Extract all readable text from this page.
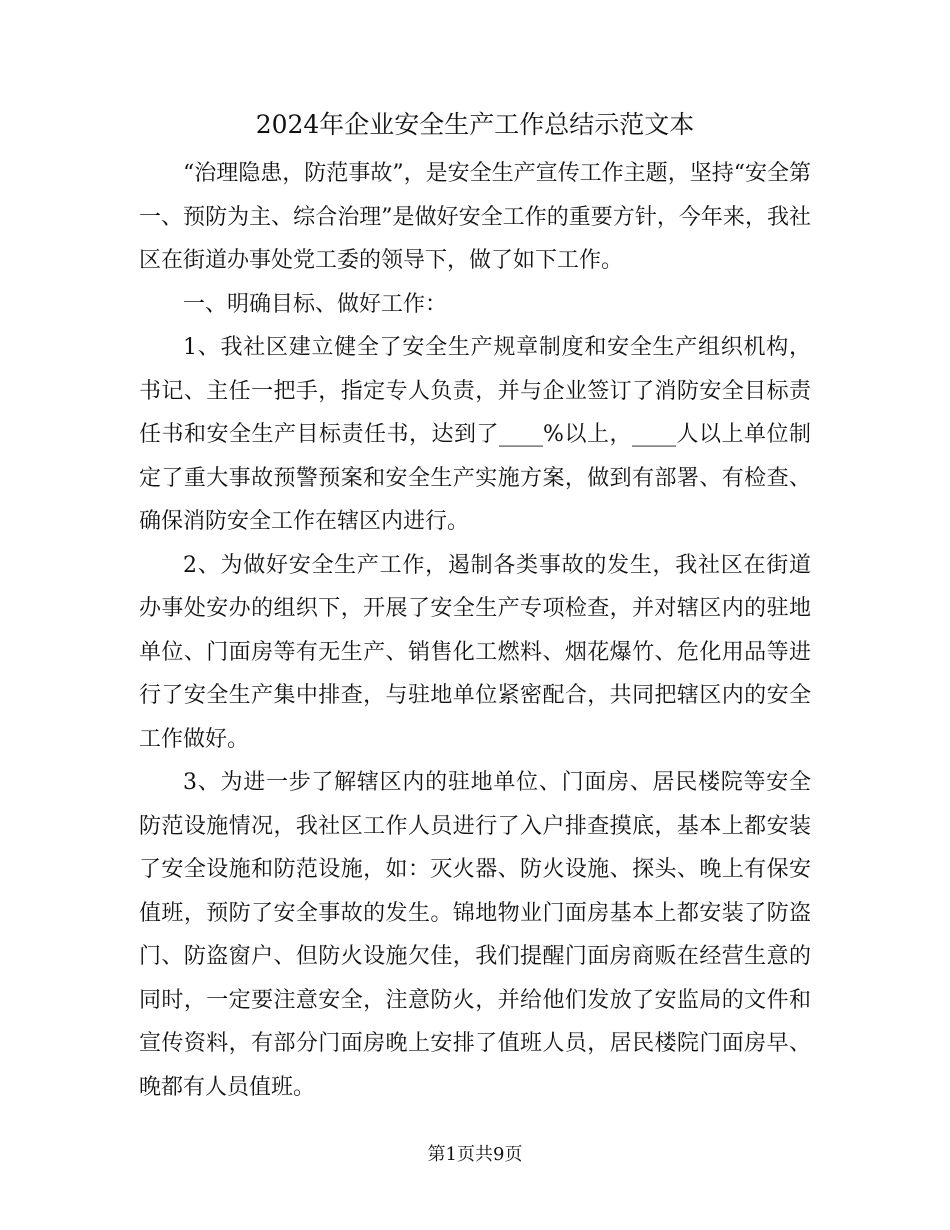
2024年企业安全生产工作总结示范文本

“治理隐患，防范事故”，是安全生产宣传工作主题，坚持“安全第一、预防为主、综合治理”是做好安全工作的重要方针，今年来，我社区在街道办事处党工委的领导下，做了如下工作。

一、明确目标、做好工作：

1、我社区建立健全了安全生产规章制度和安全生产组织机构，书记、主任一把手，指定专人负责，并与企业签订了消防安全目标责任书和安全生产目标责任书，达到了____%以上，____人以上单位制定了重大事故预警预案和安全生产实施方案，做到有部署、有检查、确保消防安全工作在辖区内进行。

2、为做好安全生产工作，遏制各类事故的发生，我社区在街道办事处安办的组织下，开展了安全生产专项检查，并对辖区内的驻地单位、门面房等有无生产、销售化工燃料、烟花爆竹、危化用品等进行了安全生产集中排查，与驻地单位紧密配合，共同把辖区内的安全工作做好。

3、为进一步了解辖区内的驻地单位、门面房、居民楼院等安全防范设施情况，我社区工作人员进行了入户排查摸底，基本上都安装了安全设施和防范设施，如：灭火器、防火设施、探头、晚上有保安值班，预防了安全事故的发生。锦地物业门面房基本上都安装了防盗门、防盗窗户、但防火设施欠佳，我们提醒门面房商贩在经营生意的同时，一定要注意安全，注意防火，并给他们发放了安监局的文件和宣传资料，有部分门面房晚上安排了值班人员，居民楼院门面房早、晚都有人员值班。

第1页共9页
